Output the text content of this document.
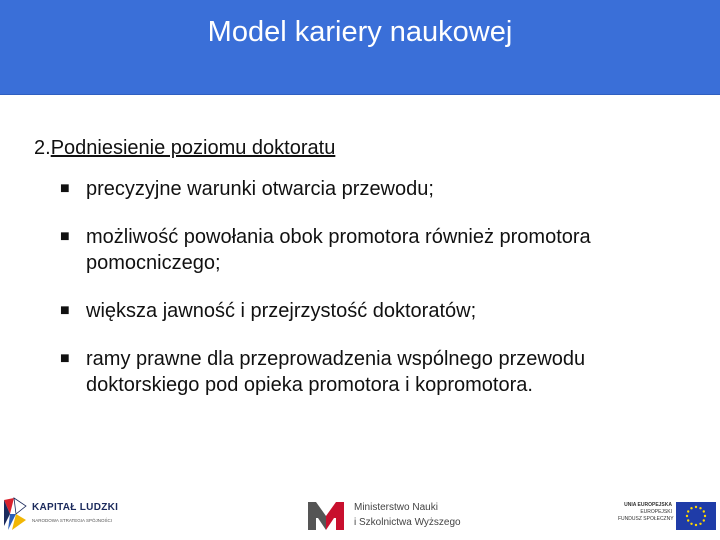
Model kariery naukowej
2.Podniesienie poziomu doktoratu
■ precyzyjne warunki otwarcia przewodu;
■ możliwość powołania obok promotora również promotora pomocniczego;
■ większa jawność i przejrzystość doktoratów;
■ ramy prawne dla przeprowadzenia wspólnego przewodu doktorskiego pod opieka promotora i kopromotora.
KAPITAŁ LUDZKI
NARODOWA STRATEGIA SPÓJNOŚCI
Ministerstwo Nauki
i Szkolnictwa Wyższego
UNIA EUROPEJSKA
EUROPEJSKI
FUNDUSZ SPOŁECZNY
